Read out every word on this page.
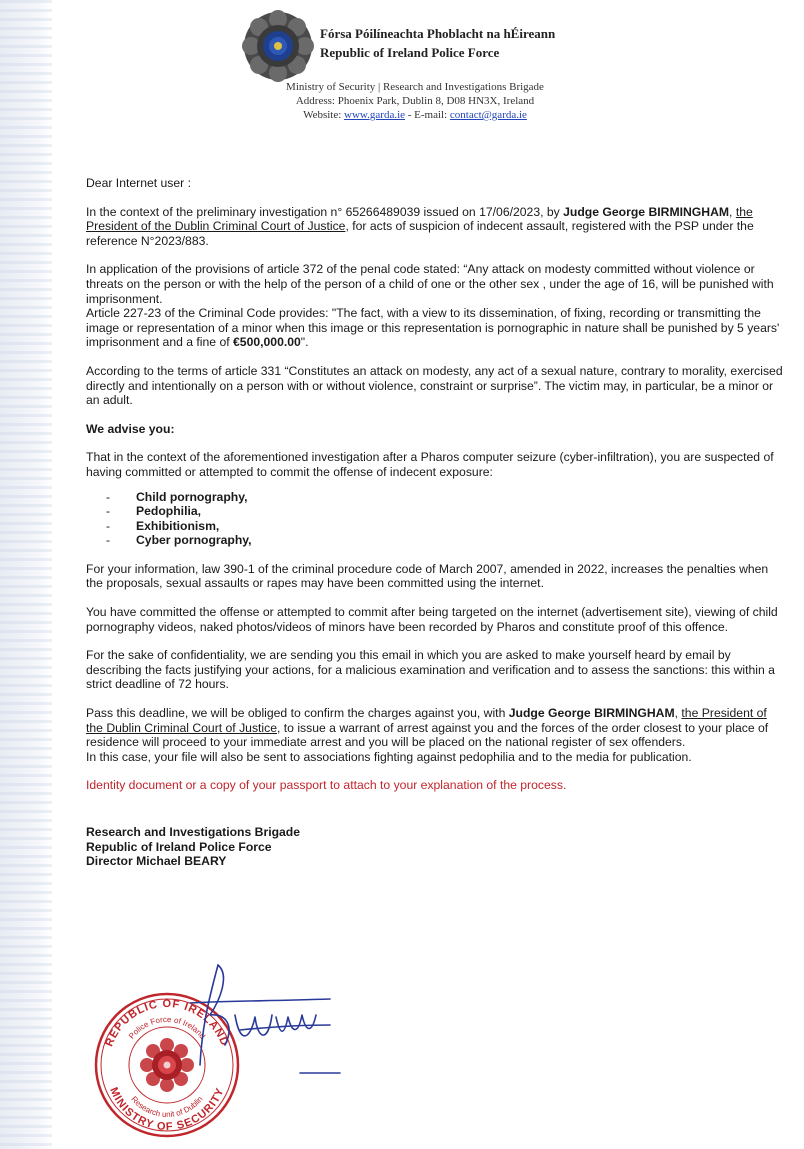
Fórsa Póilíneachta Phoblacht na hÉireann
Republic of Ireland Police Force
Ministry of Security | Research and Investigations Brigade
Address: Phoenix Park, Dublin 8, D08 HN3X, Ireland
Website: www.garda.ie - E-mail: contact@garda.ie

Dear Internet user :

In the context of the preliminary investigation n° 65266489039 issued on 17/06/2023, by Judge George BIRMINGHAM, the President of the Dublin Criminal Court of Justice, for acts of suspicion of indecent assault, registered with the PSP under the reference N°2023/883.

In application of the provisions of article 372 of the penal code stated: “Any attack on modesty committed without violence or threats on the person or with the help of the person of a child of one or the other sex , under the age of 16, will be punished with imprisonment.
Article 227-23 of the Criminal Code provides: "The fact, with a view to its dissemination, of fixing, recording or transmitting the image or representation of a minor when this image or this representation is pornographic in nature shall be punished by 5 years' imprisonment and a fine of €500,000.00".

According to the terms of article 331 “Constitutes an attack on modesty, any act of a sexual nature, contrary to morality, exercised directly and intentionally on a person with or without violence, constraint or surprise”. The victim may, in particular, be a minor or an adult.

We advise you:

That in the context of the aforementioned investigation after a Pharos computer seizure (cyber-infiltration), you are suspected of having committed or attempted to commit the offense of indecent exposure:

- Child pornography,
- Pedophilia,
- Exhibitionism,
- Cyber pornography,

For your information, law 390-1 of the criminal procedure code of March 2007, amended in 2022, increases the penalties when the proposals, sexual assaults or rapes may have been committed using the internet.

You have committed the offense or attempted to commit after being targeted on the internet (advertisement site), viewing of child pornography videos, naked photos/videos of minors have been recorded by Pharos and constitute proof of this offence.

For the sake of confidentiality, we are sending you this email in which you are asked to make yourself heard by email by describing the facts justifying your actions, for a malicious examination and verification and to assess the sanctions: this within a strict deadline of 72 hours.

Pass this deadline, we will be obliged to confirm the charges against you, with Judge George BIRMINGHAM, the President of the Dublin Criminal Court of Justice, to issue a warrant of arrest against you and the forces of the order closest to your place of residence will proceed to your immediate arrest and you will be placed on the national register of sex offenders.
In this case, your file will also be sent to associations fighting against pedophilia and to the media for publication.

Identity document or a copy of your passport to attach to your explanation of the process.

Research and Investigations Brigade
Republic of Ireland Police Force
Director Michael BEARY
REPUBLIC OF IRELAND
Police Force of Ireland
MINISTRY OF SECURITY
Research unit of Dublin
